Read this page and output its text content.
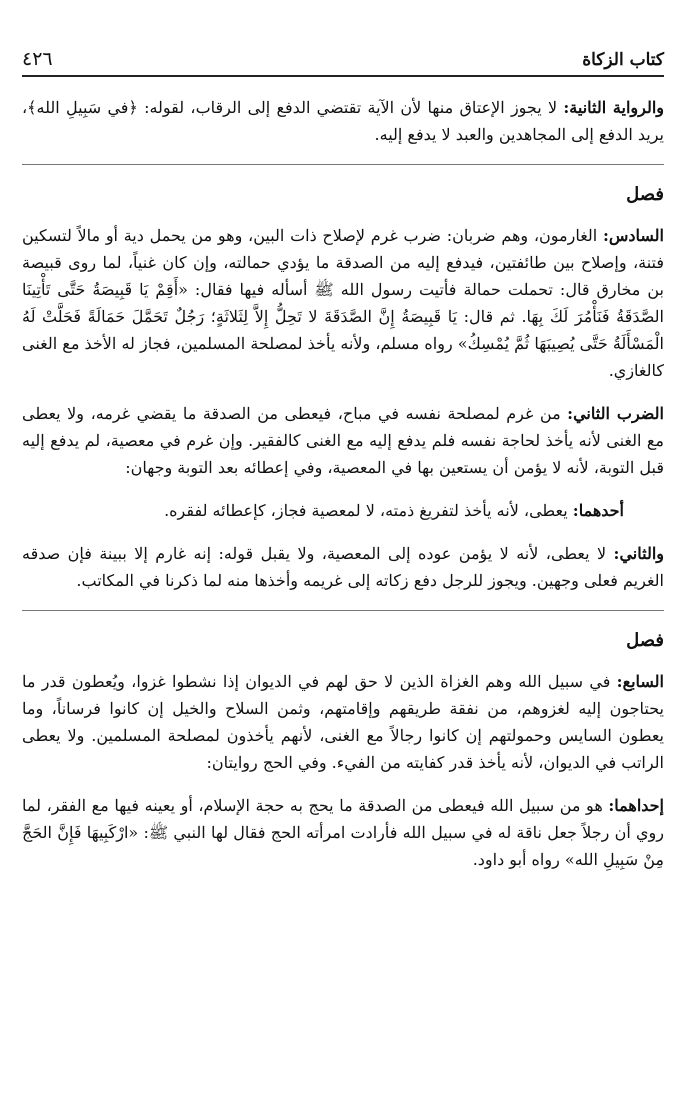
٤٢٦	كتاب الزكاة

والرواية الثانية: لا يجوز الإعتاق منها لأن الآية تقتضي الدفع إلى الرقاب، لقوله: ﴿في سَبِيلِ الله﴾، يريد الدفع إلى المجاهدين والعبد لا يدفع إليه.

فصل

السادس: الغارمون، وهم ضربان: ضرب غرم لإصلاح ذات البين، وهو من يحمل دية أو مالاً لتسكين فتنة، وإصلاح بين طائفتين، فيدفع إليه من الصدقة ما يؤدي حمالته، وإن كان غنياً، لما روى قبيصة بن مخارق قال: تحملت حمالة فأتيت رسول الله ﷺ أسأله فيها فقال: «أَقِمْ يَا قَبِيصَةُ حَتَّى تَأْتِينَا الصَّدَقَةُ فَنَأْمُرَ لَكَ بِهَا. ثم قال: يَا قَبِيصَةُ إِنَّ الصَّدَقَةَ لا تَحِلُّ إِلاَّ لِثَلاثَةٍ؛ رَجُلٌ تَحَمَّلَ حَمَالَةً فَحَلَّتْ لَهُ الْمَسْأَلَةُ حَتَّى يُصِيبَهَا ثُمَّ يُمْسِكُ» رواه مسلم، ولأنه يأخذ لمصلحة المسلمين، فجاز له الأخذ مع الغنى كالغازي.

الضرب الثاني: من غرم لمصلحة نفسه في مباح، فيعطى من الصدقة ما يقضي غرمه، ولا يعطى مع الغنى لأنه يأخذ لحاجة نفسه فلم يدفع إليه مع الغنى كالفقير. وإن غرم في معصية، لم يدفع إليه قبل التوبة، لأنه لا يؤمن أن يستعين بها في المعصية، وفي إعطائه بعد التوبة وجهان:

أحدهما: يعطى، لأنه يأخذ لتفريغ ذمته، لا لمعصية فجاز، كإعطائه لفقره.

والثاني: لا يعطى، لأنه لا يؤمن عوده إلى المعصية، ولا يقبل قوله: إنه غارم إلا ببينة فإن صدقه الغريم فعلى وجهين. ويجوز للرجل دفع زكاته إلى غريمه وأخذها منه لما ذكرنا في المكاتب.

فصل

السابع: في سبيل الله وهم الغزاة الذين لا حق لهم في الديوان إذا نشطوا غزوا، ويُعطون قدر ما يحتاجون إليه لغزوهم، من نفقة طريقهم وإقامتهم، وثمن السلاح والخيل إن كانوا فرساناً، وما يعطون السايس وحمولتهم إن كانوا رجالاً مع الغنى، لأنهم يأخذون لمصلحة المسلمين. ولا يعطى الراتب في الديوان، لأنه يأخذ قدر كفايته من الفيء. وفي الحج روايتان:

إحداهما: هو من سبيل الله فيعطى من الصدقة ما يحج به حجة الإسلام، أو يعينه فيها مع الفقر، لما روي أن رجلاً جعل ناقة له في سبيل الله فأرادت امرأته الحج فقال لها النبي ﷺ: «ارْكَبِيهَا فَإِنَّ الحَجَّ مِنْ سَبِيلِ الله» رواه أبو داود.
